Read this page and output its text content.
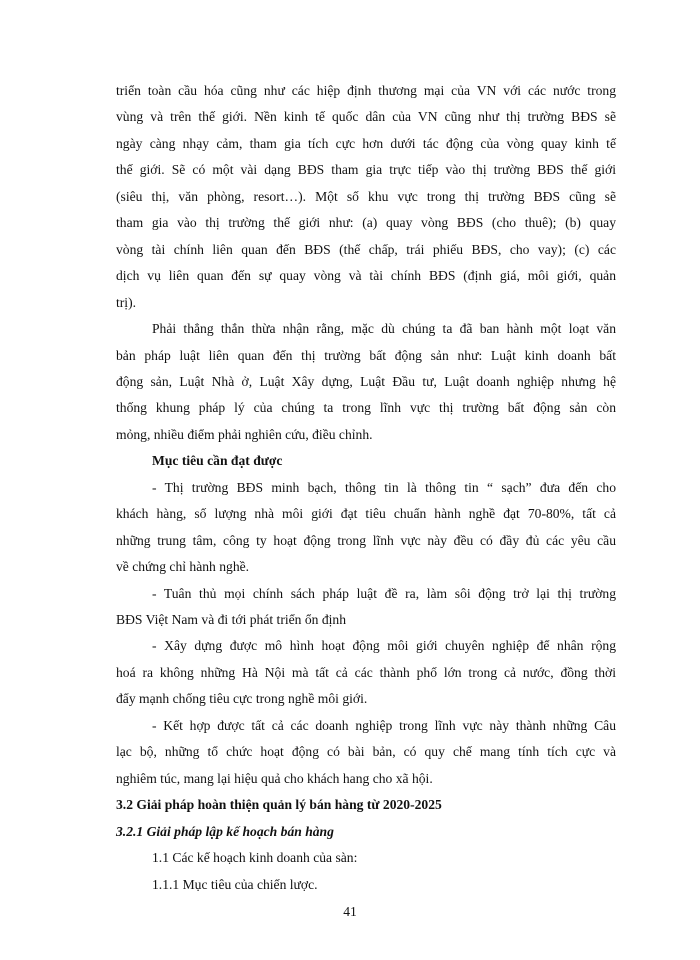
triển toàn cầu hóa cũng như các hiệp định thương mại của VN với các nước trong
vùng và trên thế giới. Nền kinh tế quốc dân của VN cũng như thị trường BĐS sẽ
ngày càng nhạy cảm, tham gia tích cực hơn dưới tác động của vòng quay kinh tế
thế giới. Sẽ có một vài dạng BĐS tham gia trực tiếp vào thị trường BĐS thế giới
(siêu thị, văn phòng, resort…). Một số khu vực trong thị trường BĐS cũng sẽ
tham gia vào thị trường thế giới như: (a) quay vòng BĐS (cho thuê); (b) quay
vòng tài chính liên quan đến BĐS (thế chấp, trái phiếu BĐS, cho vay); (c) các
dịch vụ liên quan đến sự quay vòng và tài chính BĐS (định giá, môi giới, quản
trị).
Phải thẳng thắn thừa nhận rằng, mặc dù chúng ta đã ban hành một loạt văn
bản pháp luật liên quan đến thị trường bất động sản như: Luật kinh doanh bất
động sản, Luật Nhà ở, Luật Xây dựng, Luật Đầu tư, Luật doanh nghiệp nhưng hệ
thống khung pháp lý của chúng ta trong lĩnh vực thị trường bất động sản còn
mỏng, nhiều điểm phải nghiên cứu, điều chỉnh.
Mục tiêu cần đạt được
- Thị trường BĐS minh bạch, thông tin là thông tin “ sạch” đưa đến cho
khách hàng, số lượng nhà môi giới đạt tiêu chuẩn hành nghề đạt 70-80%, tất cả
những trung tâm, công ty hoạt động trong lĩnh vực này đều có đầy đủ các yêu cầu
về chứng chỉ hành nghề.
- Tuân thủ mọi chính sách pháp luật đề ra, làm sôi động trở lại thị trường
BĐS Việt Nam và đi tới phát triển ổn định
- Xây dựng được mô hình hoạt động môi giới chuyên nghiệp để nhân rộng
hoá ra không những Hà Nội mà tất cả các thành phố lớn trong cả nước, đồng thời
đẩy mạnh chống tiêu cực trong nghề môi giới.
- Kết hợp được tất cả các doanh nghiệp trong lĩnh vực này thành những Câu
lạc bộ, những tổ chức hoạt động có bài bản, có quy chế mang tính tích cực và
nghiêm túc, mang lại hiệu quả cho khách hang cho xã hội.
3.2 Giải pháp hoàn thiện quản lý bán hàng từ 2020-2025
3.2.1 Giải pháp lập kế hoạch bán hàng
1.1 Các kế hoạch kinh doanh của sàn:
1.1.1 Mục tiêu của chiến lược.
41
